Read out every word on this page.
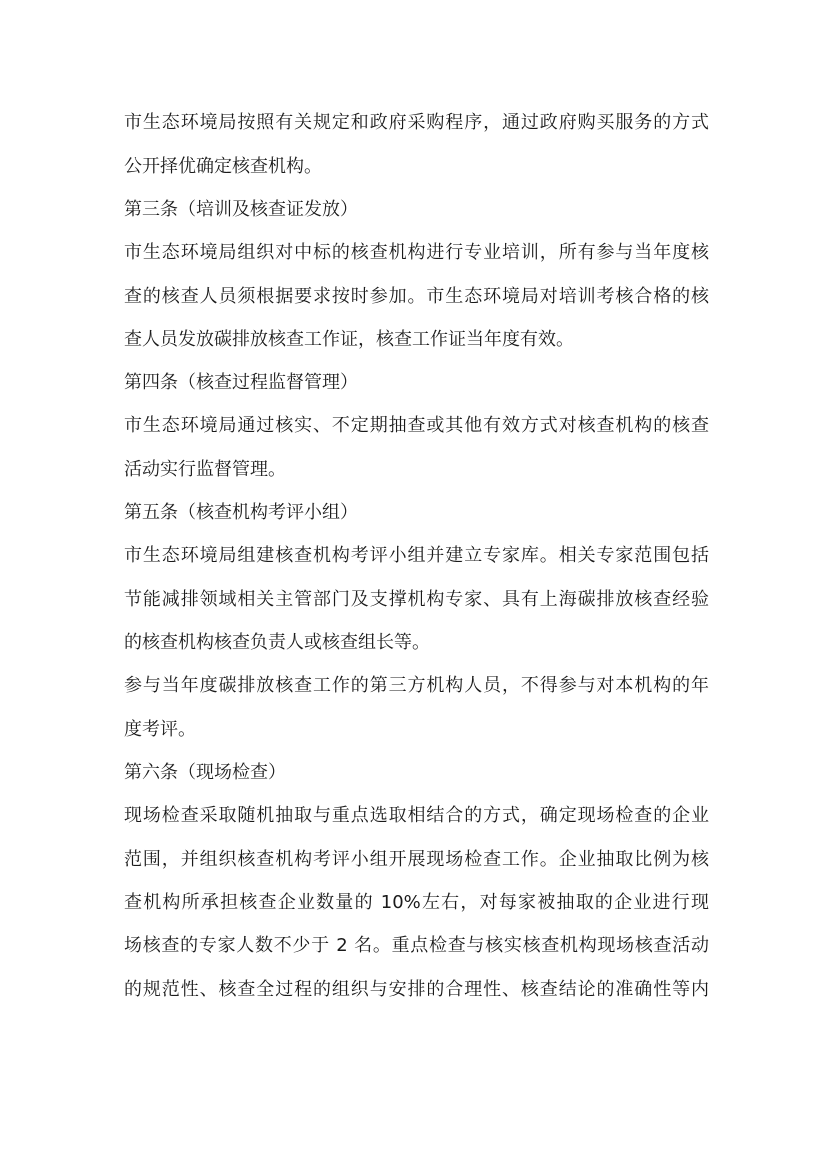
市生态环境局按照有关规定和政府采购程序，通过政府购买服务的方式
公开择优确定核查机构。
第三条（培训及核查证发放）
市生态环境局组织对中标的核查机构进行专业培训，所有参与当年度核
查的核查人员须根据要求按时参加。市生态环境局对培训考核合格的核
查人员发放碳排放核查工作证，核查工作证当年度有效。
第四条（核查过程监督管理）
市生态环境局通过核实、不定期抽查或其他有效方式对核查机构的核查
活动实行监督管理。
第五条（核查机构考评小组）
市生态环境局组建核查机构考评小组并建立专家库。相关专家范围包括
节能减排领域相关主管部门及支撑机构专家、具有上海碳排放核查经验
的核查机构核查负责人或核查组长等。
参与当年度碳排放核查工作的第三方机构人员，不得参与对本机构的年
度考评。
第六条（现场检查）
现场检查采取随机抽取与重点选取相结合的方式，确定现场检查的企业
范围，并组织核查机构考评小组开展现场检查工作。企业抽取比例为核
查机构所承担核查企业数量的 10%左右，对每家被抽取的企业进行现
场核查的专家人数不少于 2 名。重点检查与核实核查机构现场核查活动
的规范性、核查全过程的组织与安排的合理性、核查结论的准确性等内
